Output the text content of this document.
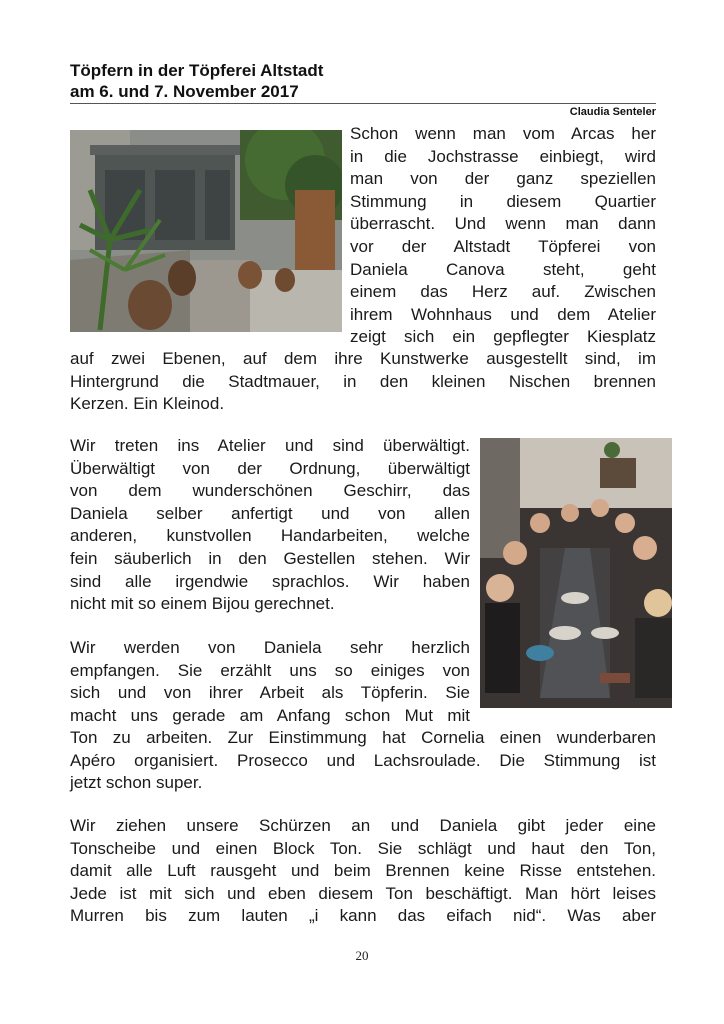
Töpfern in der Töpferei Altstadt
am 6. und 7. November 2017
Claudia Senteler
Schon wenn man vom Arcas her
in die Jochstrasse einbiegt, wird
man von der ganz speziellen
Stimmung in diesem Quartier
überrascht. Und wenn man dann
vor der Altstadt Töpferei von
Daniela Canova steht, geht
einem das Herz auf. Zwischen
ihrem Wohnhaus und dem Atelier
zeigt sich ein gepflegter Kiesplatz
auf zwei Ebenen, auf dem ihre Kunstwerke ausgestellt sind, im
Hintergrund die Stadtmauer, in den kleinen Nischen brennen
Kerzen. Ein Kleinod.
Wir treten ins Atelier und sind überwältigt.
Überwältigt von der Ordnung, überwältigt
von dem wunderschönen Geschirr, das
Daniela selber anfertigt und von allen
anderen, kunstvollen Handarbeiten, welche
fein säuberlich in den Gestellen stehen. Wir
sind alle irgendwie sprachlos. Wir haben
nicht mit so einem Bijou gerechnet.
Wir werden von Daniela sehr herzlich
empfangen. Sie erzählt uns so einiges von
sich und von ihrer Arbeit als Töpferin. Sie
macht uns gerade am Anfang schon Mut mit
Ton zu arbeiten. Zur Einstimmung hat Cornelia einen wunderbaren
Apéro organisiert. Prosecco und Lachsroulade. Die Stimmung ist
jetzt schon super.
Wir ziehen unsere Schürzen an und Daniela gibt jeder eine
Tonscheibe und einen Block Ton. Sie schlägt und haut den Ton,
damit alle Luft rausgeht und beim Brennen keine Risse entstehen.
Jede ist mit sich und eben diesem Ton beschäftigt. Man hört leises
Murren bis zum lauten „i kann das eifach nid“. Was aber
20
